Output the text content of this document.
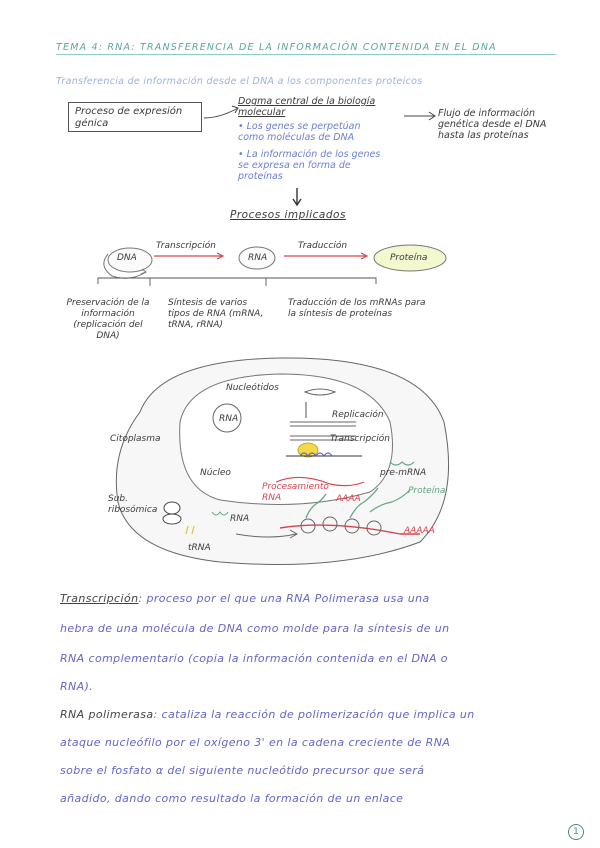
TEMA 4: RNA: TRANSFERENCIA DE LA INFORMACIÓN CONTENIDA EN EL DNA
Transferencia de información desde el DNA a los componentes proteicos
Proceso de expresión génica
Dogma central de la biología molecular
• Los genes se perpetúan como moléculas de DNA
• La información de los genes se expresa en forma de proteínas
Flujo de información genética desde el DNA hasta las proteínas
Procesos implicados
DNA	RNA	Proteína
Transcripción	Traducción
Preservación de la información (replicación del DNA)
Síntesis de varios tipos de RNA (mRNA, tRNA, rRNA)
Traducción de los mRNAs para la síntesis de proteínas
Nucleótidos
RNA	Replicación
Transcripción
Citoplasma
Núcleo	pre-mRNA
Procesamiento RNA	AAAA
Proteína
Sub. ribosómica
RNA
tRNA
AAAAA
Transcripción: proceso por el que una RNA Polimerasa usa una
hebra de una molécula de DNA como molde para la síntesis de un
RNA complementario (copia la información contenida en el DNA o
RNA).
RNA polimerasa: cataliza la reacción de polimerización que implica un
ataque nucleófilo por el oxígeno 3' en la cadena creciente de RNA
sobre el fosfato α del siguiente nucleótido precursor que será
añadido, dando como resultado la formación de un enlace
1
